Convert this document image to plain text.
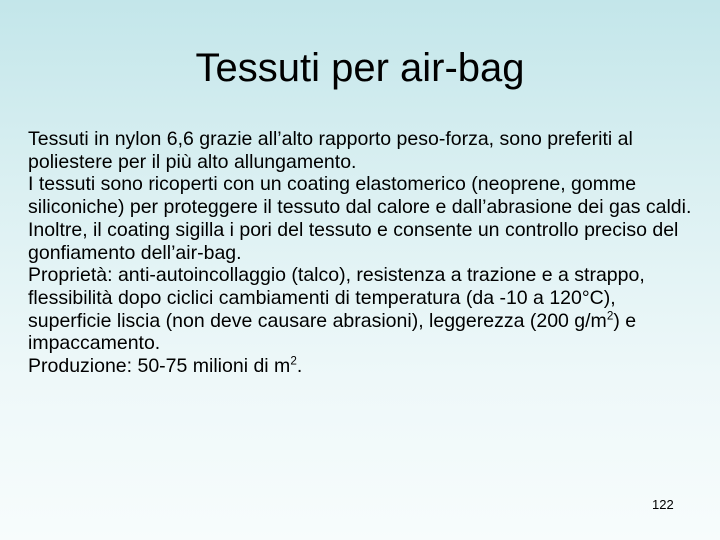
Tessuti per air-bag

Tessuti in nylon 6,6 grazie all’alto rapporto peso-forza, sono preferiti al poliestere per il più alto allungamento.

I tessuti sono ricoperti con un coating elastomerico (neoprene, gomme siliconiche) per proteggere il tessuto dal calore e dall’abrasione dei gas caldi. Inoltre, il coating sigilla i pori del tessuto e consente un controllo preciso del gonfiamento dell’air-bag.

Proprietà: anti-autoincollaggio (talco), resistenza a trazione e a strappo, flessibilità dopo ciclici cambiamenti di temperatura (da -10 a 120°C), superficie liscia (non deve causare abrasioni), leggerezza (200 $g/m^2$) e impaccamento.

Produzione: 50-75 milioni di $m^2$.

122
